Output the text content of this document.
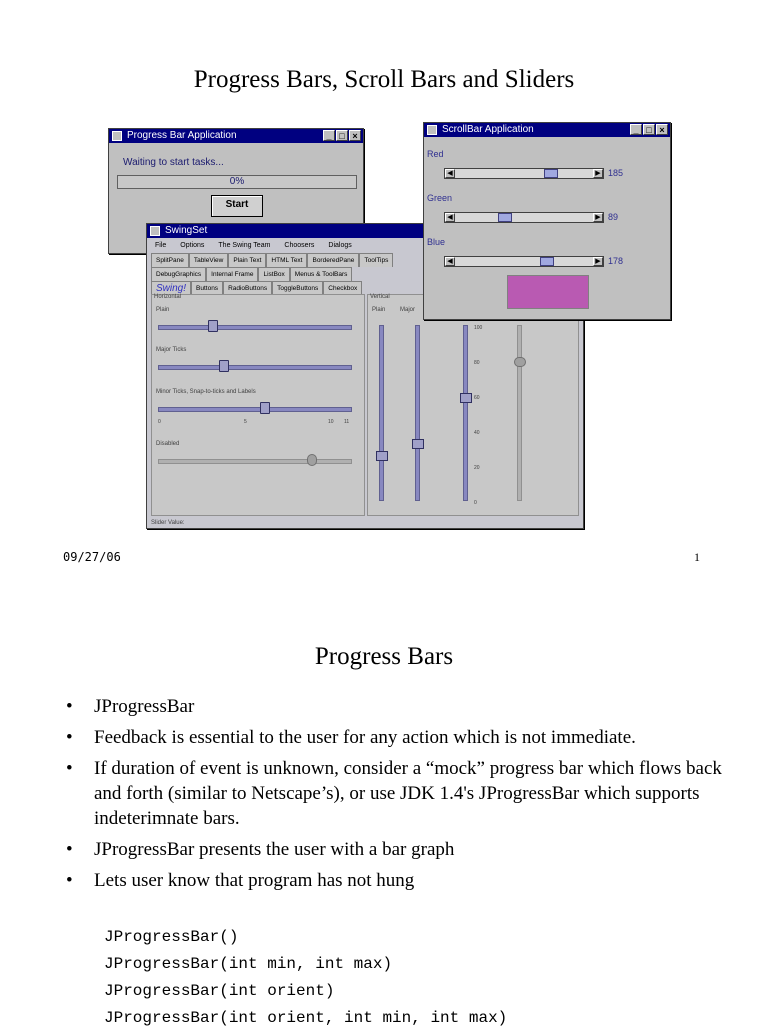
Progress Bars, Scroll Bars and Sliders
Progress Bar Application	_ □ ×
Waiting to start tasks...
0%
Start
SwingSet
File Options The Swing Team Choosers Dialogs
SplitPane	TableView	Plain Text	HTML Text	BorderedPane	ToolTips
DebugGraphics	Internal Frame	ListBox	Menus & ToolBars
Swing!	Buttons	RadioButtons	ToggleButtons	Checkbox
Horizontal
Plain
Major Ticks
Minor Ticks, Snap-to-ticks and Labels
Disabled
0	5	10 11
Vertical
Plain Major
100
80
60
40
20
0
Slider Value:
ScrollBar Application	_ □ ×
Red
◀	▶ 185
Green
◀	▶ 89
Blue
◀	▶ 178
09/27/06	1
Progress Bars
• JProgressBar
• Feedback is essential to the user for any action which is not immediate.
• If duration of event is unknown, consider a “mock” progress bar which flows back and forth (similar to Netscape’s), or use JDK 1.4's JProgressBar which supports indeterimnate bars.
• JProgressBar presents the user with a bar graph
• Lets user know that program has not hung
JProgressBar()
JProgressBar(int min, int max)
JProgressBar(int orient)
JProgressBar(int orient, int min, int max)
